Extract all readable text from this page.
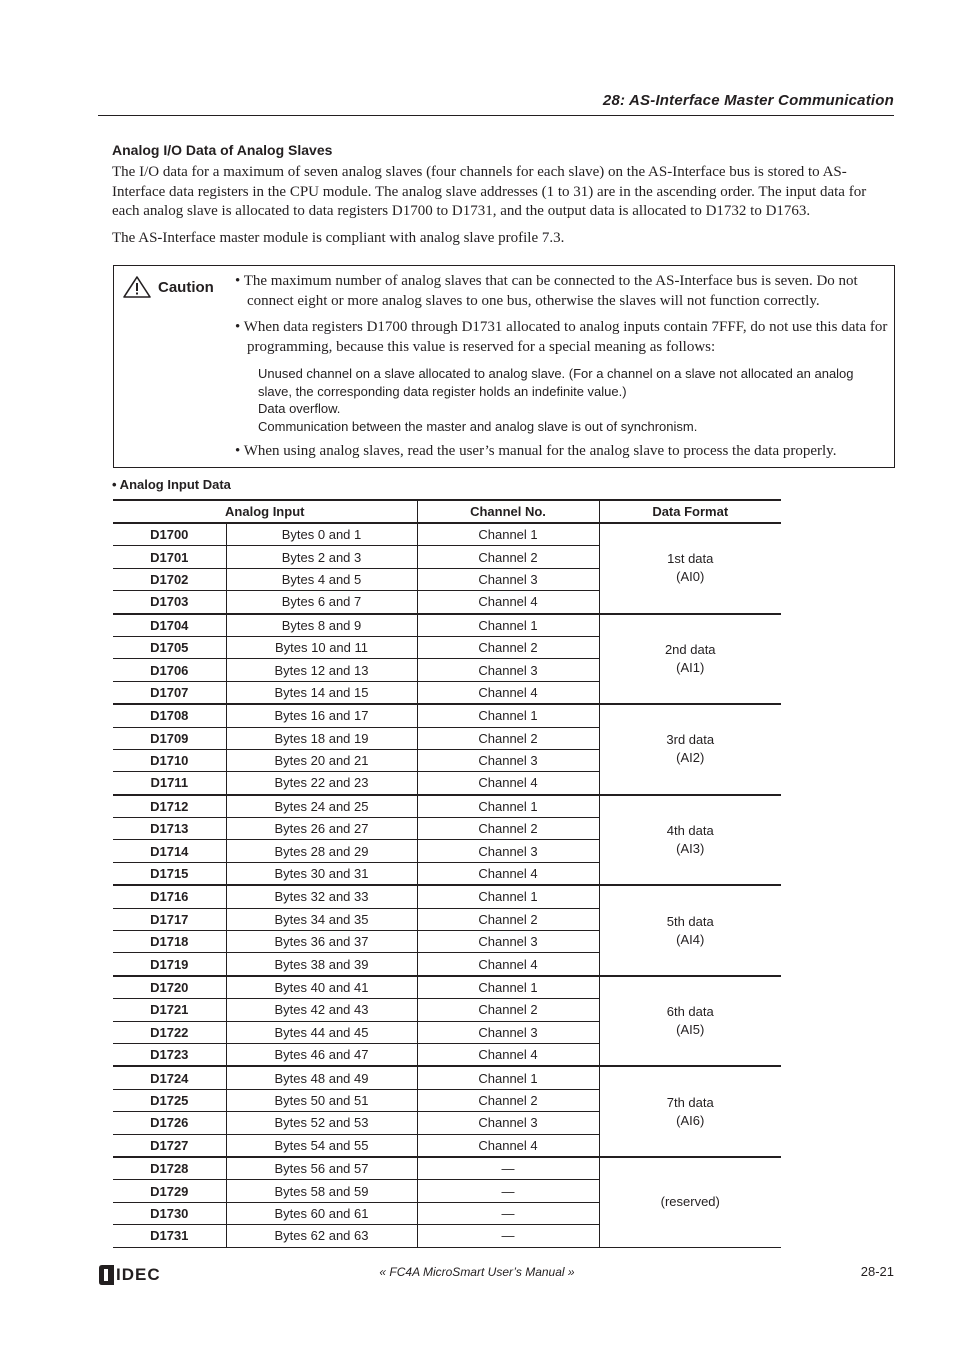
28: AS-Interface Master Communication
Analog I/O Data of Analog Slaves

The I/O data for a maximum of seven analog slaves (four channels for each slave) on the AS-Interface bus is stored to AS-Interface data registers in the CPU module. The analog slave addresses (1 to 31) are in the ascending order. The input data for each analog slave is allocated to data registers D1700 to D1731, and the output data is allocated to D1732 to D1763.

The AS-Interface master module is compliant with analog slave profile 7.3.

Caution • The maximum number of analog slaves that can be connected to the AS-Interface bus is seven. Do not connect eight or more analog slaves to one bus, otherwise the slaves will not function correctly.

• When data registers D1700 through D1731 allocated to analog inputs contain 7FFF, do not use this data for programming, because this value is reserved for a special meaning as follows:

Unused channel on a slave allocated to analog slave. (For a channel on a slave not allocated an analog slave, the corresponding data register holds an indefinite value.)
Data overflow.
Communication between the master and analog slave is out of synchronism.

• When using analog slaves, read the user’s manual for the analog slave to process the data properly.

• Analog Input Data
Analog Input		Channel No.	Data Format
D1700	Bytes 0 and 1	Channel 1	1st data
(AI0)

D1701	Bytes 2 and 3	Channel 2	
D1702	Bytes 4 and 5	Channel 3	
D1703	Bytes 6 and 7	Channel 4	
D1704	Bytes 8 and 9	Channel 1	2nd data
(AI1)

D1705	Bytes 10 and 11	Channel 2	
D1706	Bytes 12 and 13	Channel 3	
D1707	Bytes 14 and 15	Channel 4	
D1708	Bytes 16 and 17	Channel 1	3rd data
(AI2)

D1709	Bytes 18 and 19	Channel 2	
D1710	Bytes 20 and 21	Channel 3	
D1711	Bytes 22 and 23	Channel 4	
D1712	Bytes 24 and 25	Channel 1	4th data
(AI3)

D1713	Bytes 26 and 27	Channel 2	
D1714	Bytes 28 and 29	Channel 3	
D1715	Bytes 30 and 31	Channel 4	
D1716	Bytes 32 and 33	Channel 1	5th data
(AI4)

D1717	Bytes 34 and 35	Channel 2	
D1718	Bytes 36 and 37	Channel 3	
D1719	Bytes 38 and 39	Channel 4	
D1720	Bytes 40 and 41	Channel 1	6th data
(AI5)

D1721	Bytes 42 and 43	Channel 2	
D1722	Bytes 44 and 45	Channel 3	
D1723	Bytes 46 and 47	Channel 4	
D1724	Bytes 48 and 49	Channel 1	7th data
(AI6)

D1725	Bytes 50 and 51	Channel 2	
D1726	Bytes 52 and 53	Channel 3	
D1727	Bytes 54 and 55	Channel 4	
D1728	Bytes 56 and 57	—	(reserved)

D1729	Bytes 58 and 59	—	
D1730	Bytes 60 and 61	—	
D1731	Bytes 62 and 63	—	
IDEC	« FC4A MicroSmart User’s Manual »	28-21
